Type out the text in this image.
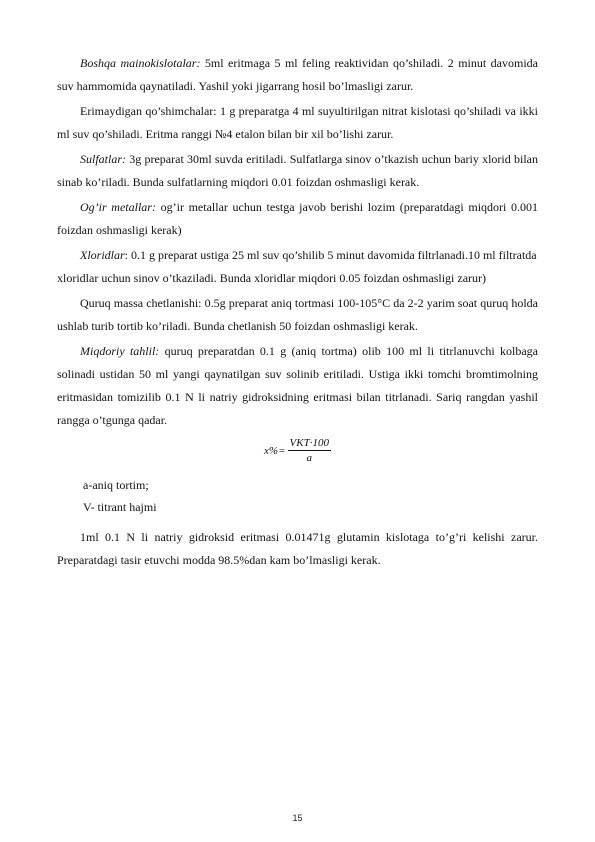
Boshqa mainokislotalar: 5ml eritmaga 5 ml feling reaktividan qo’shiladi. 2 minut davomida suv hammomida qaynatiladi. Yashil yoki jigarrang hosil bo’lmasligi zarur.

Erimaydigan qo’shimchalar: 1 g preparatga 4 ml suyultirilgan nitrat kislotasi qo’shiladi va ikki ml suv qo’shiladi. Eritma ranggi №4 etalon bilan bir xil bo’lishi zarur.

Sulfatlar: 3g preparat 30ml suvda eritiladi. Sulfatlarga sinov o’tkazish uchun bariy xlorid bilan sinab ko’riladi. Bunda sulfatlarning miqdori 0.01 foizdan oshmasligi kerak.

Og’ir metallar: og’ir metallar uchun testga javob berishi lozim (preparatdagi miqdori 0.001 foizdan oshmasligi kerak)

Xloridlar: 0.1 g preparat ustiga 25 ml suv qo’shilib 5 minut davomida filtrlanadi.10 ml filtratda xloridlar uchun sinov o’tkaziladi. Bunda xloridlar miqdori 0.05 foizdan oshmasligi zarur)

Quruq massa chetlanishi: 0.5g preparat aniq tortmasi 100-105°C da 2-2 yarim soat quruq holda ushlab turib tortib ko’riladi. Bunda chetlanish 50 foizdan oshmasligi kerak.

Miqdoriy tahlil: quruq preparatdan 0.1 g (aniq tortma) olib 100 ml li titrlanuvchi kolbaga solinadi ustidan 50 ml yangi qaynatilgan suv solinib eritiladi. Ustiga ikki tomchi bromtimolning eritmasidan tomizilib 0.1 N li natriy gidroksidning eritmasi bilan titrlanadi. Sariq rangdan yashil rangga o’tgunga qadar.

$x\%= \frac{\text{VKT·100}}{a}$
a-aniq tortim;
V- titrant hajmi

1ml 0.1 N li natriy gidroksid eritmasi 0.01471g glutamin kislotaga to’g’ri kelishi zarur. Preparatdagi tasir etuvchi modda 98.5%dan kam bo’lmasligi kerak.

15
